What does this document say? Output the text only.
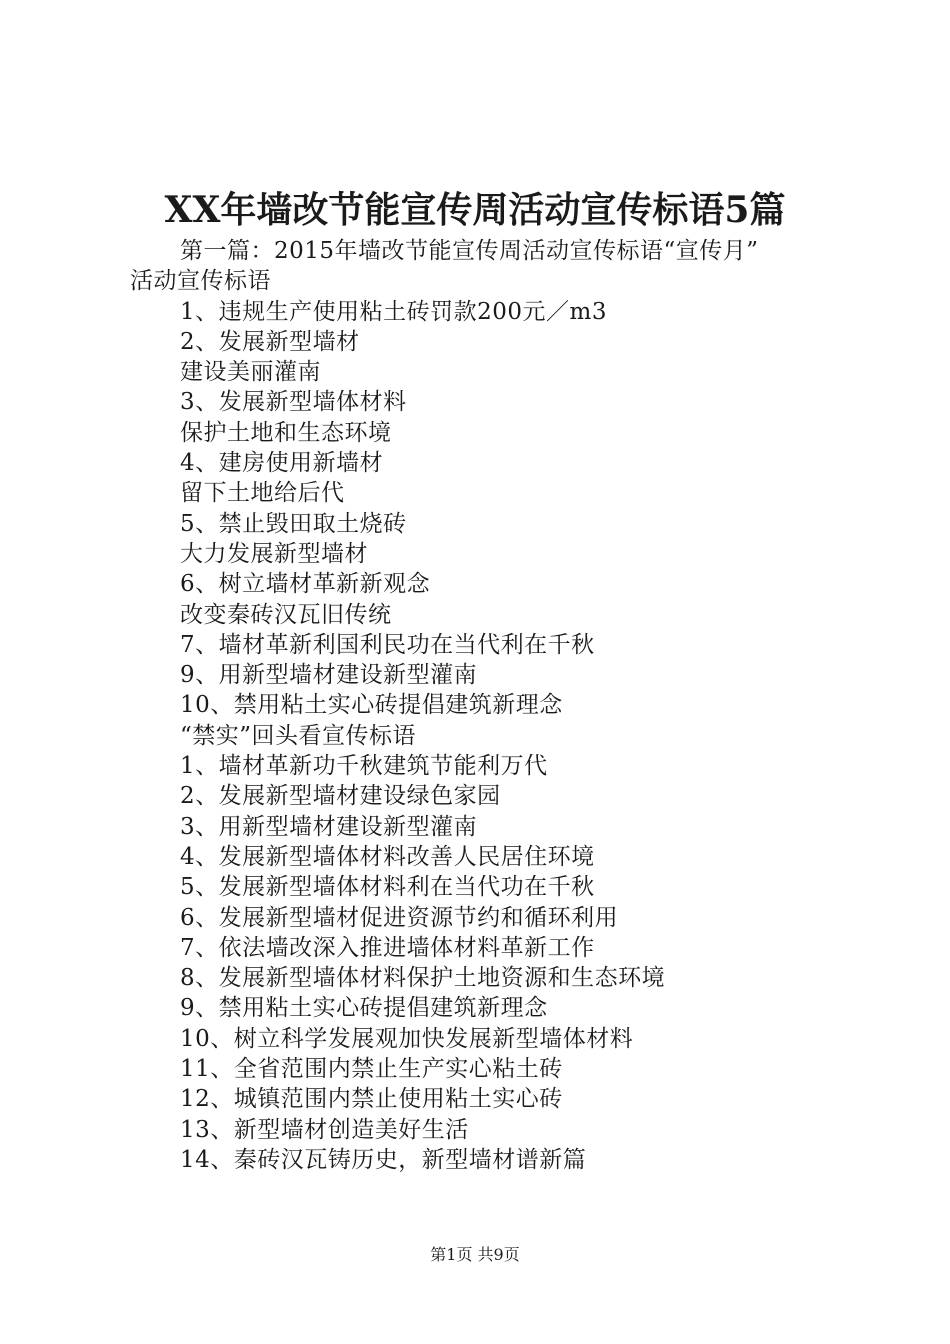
XX年墙改节能宣传周活动宣传标语5篇
第一篇：2015年墙改节能宣传周活动宣传标语“宣传月”
活动宣传标语
1、违规生产使用粘土砖罚款200元／m3
2、发展新型墙材
建设美丽灌南
3、发展新型墙体材料
保护土地和生态环境
4、建房使用新墙材
留下土地给后代
5、禁止毁田取土烧砖
大力发展新型墙材
6、树立墙材革新新观念
改变秦砖汉瓦旧传统
7、墙材革新利国利民功在当代利在千秋
9、用新型墙材建设新型灌南
10、禁用粘土实心砖提倡建筑新理念
“禁实”回头看宣传标语
1、墙材革新功千秋建筑节能利万代
2、发展新型墙材建设绿色家园
3、用新型墙材建设新型灌南
4、发展新型墙体材料改善人民居住环境
5、发展新型墙体材料利在当代功在千秋
6、发展新型墙材促进资源节约和循环利用
7、依法墙改深入推进墙体材料革新工作
8、发展新型墙体材料保护土地资源和生态环境
9、禁用粘土实心砖提倡建筑新理念
10、树立科学发展观加快发展新型墙体材料
11、全省范围内禁止生产实心粘土砖
12、城镇范围内禁止使用粘土实心砖
13、新型墙材创造美好生活
14、秦砖汉瓦铸历史，新型墙材谱新篇
第1页 共9页
